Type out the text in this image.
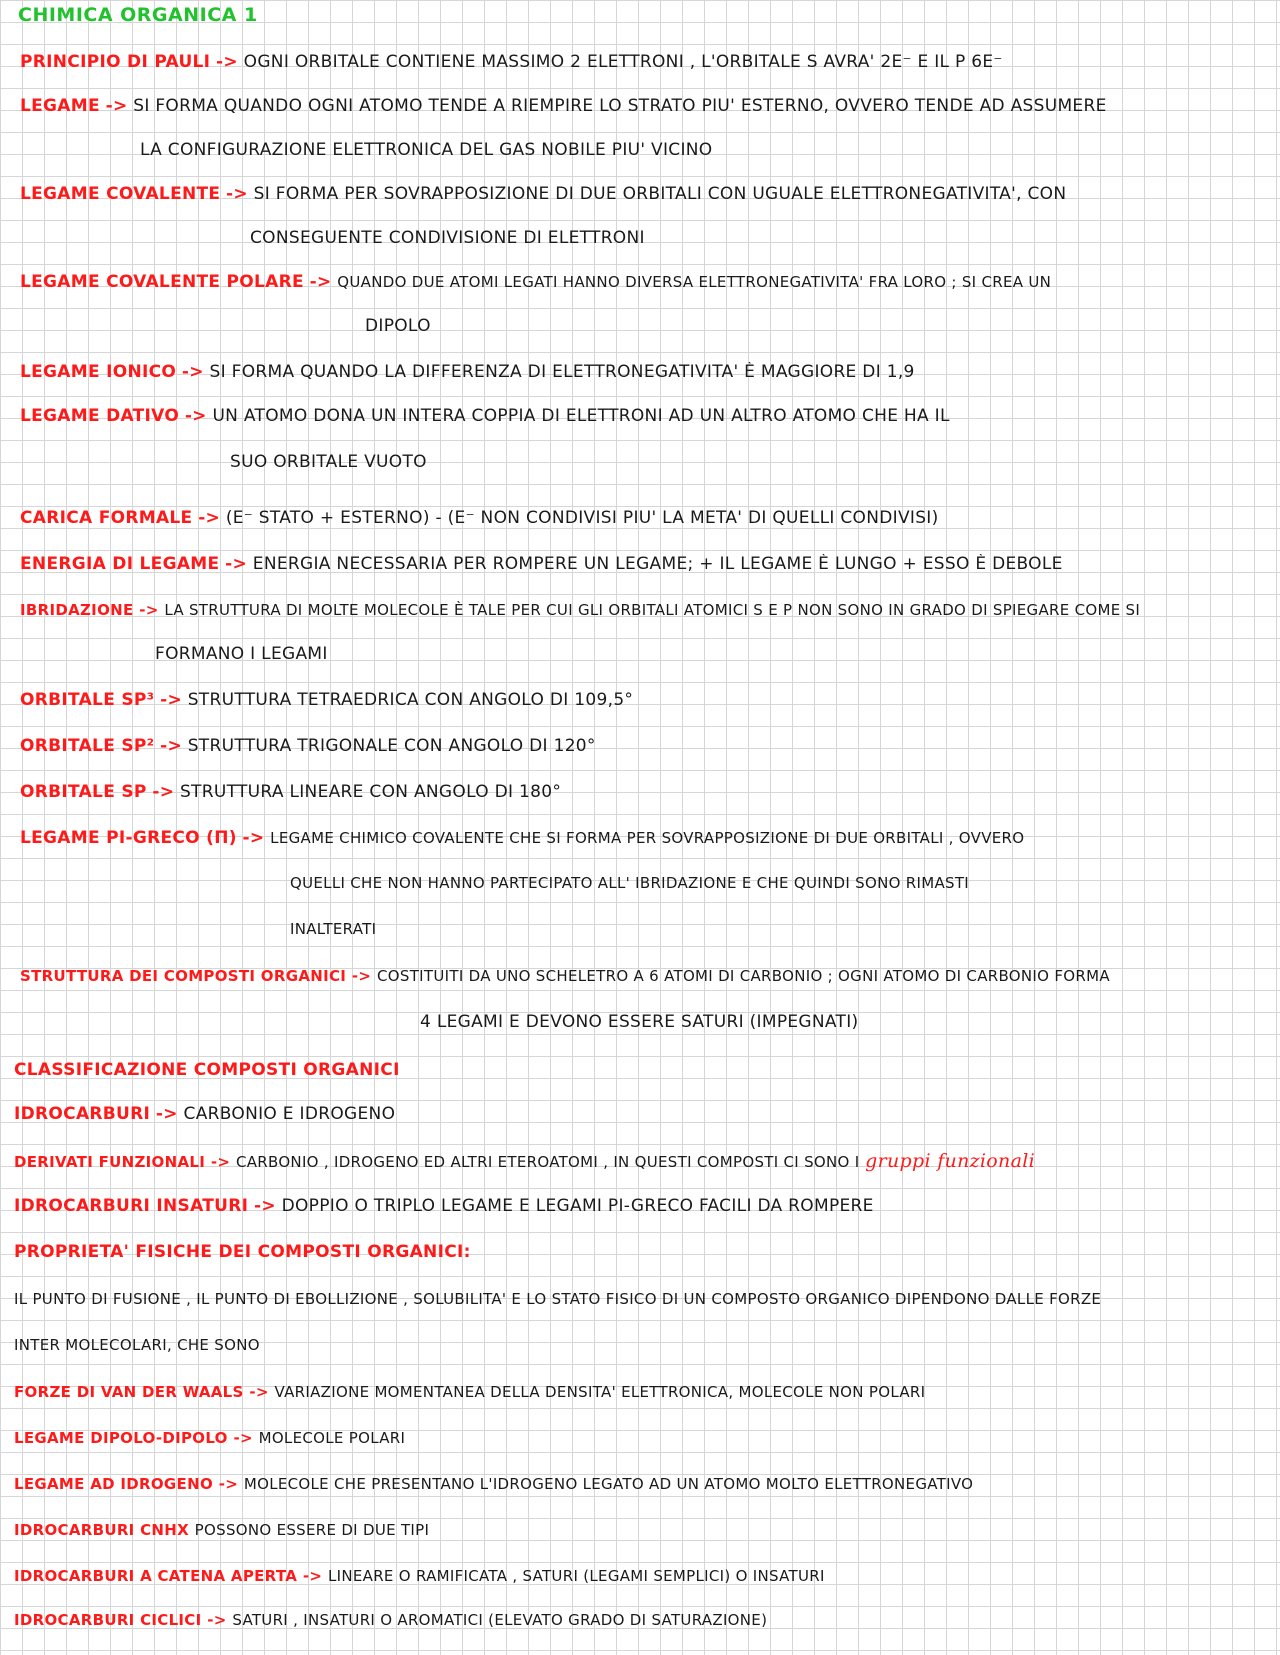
CHIMICA ORGANICA 1
PRINCIPIO DI PAULI -> OGNI ORBITALE CONTIENE MASSIMO 2 ELETTRONI , L'ORBITALE S AVRA' 2E⁻ E IL P 6E⁻
LEGAME -> SI FORMA QUANDO OGNI ATOMO TENDE A RIEMPIRE LO STRATO PIU' ESTERNO, OVVERO TENDE AD ASSUMERE
LA CONFIGURAZIONE ELETTRONICA DEL GAS NOBILE PIU' VICINO
LEGAME COVALENTE -> SI FORMA PER SOVRAPPOSIZIONE DI DUE ORBITALI CON UGUALE ELETTRONEGATIVITA', CON
CONSEGUENTE CONDIVISIONE DI ELETTRONI
LEGAME COVALENTE POLARE -> QUANDO DUE ATOMI LEGATI HANNO DIVERSA ELETTRONEGATIVITA' FRA LORO ; SI CREA UN
DIPOLO
LEGAME IONICO -> SI FORMA QUANDO LA DIFFERENZA DI ELETTRONEGATIVITA' È MAGGIORE DI 1,9
LEGAME DATIVO -> UN ATOMO DONA UN INTERA COPPIA DI ELETTRONI AD UN ALTRO ATOMO CHE HA IL
SUO ORBITALE VUOTO
CARICA FORMALE -> (E⁻ STATO + ESTERNO) - (E⁻ NON CONDIVISI PIU' LA META' DI QUELLI CONDIVISI)
ENERGIA DI LEGAME -> ENERGIA NECESSARIA PER ROMPERE UN LEGAME; + IL LEGAME È LUNGO + ESSO È DEBOLE
IBRIDAZIONE -> LA STRUTTURA DI MOLTE MOLECOLE È TALE PER CUI GLI ORBITALI ATOMICI S E P NON SONO IN GRADO DI SPIEGARE COME SI
FORMANO I LEGAMI
ORBITALE SP³ -> STRUTTURA TETRAEDRICA CON ANGOLO DI 109,5°
ORBITALE SP² -> STRUTTURA TRIGONALE CON ANGOLO DI 120°
ORBITALE SP -> STRUTTURA LINEARE CON ANGOLO DI 180°
LEGAME PI-GRECO (Π) -> LEGAME CHIMICO COVALENTE CHE SI FORMA PER SOVRAPPOSIZIONE DI DUE ORBITALI , OVVERO
QUELLI CHE NON HANNO PARTECIPATO ALL' IBRIDAZIONE E CHE QUINDI SONO RIMASTI
INALTERATI
STRUTTURA DEI COMPOSTI ORGANICI -> COSTITUITI DA UNO SCHELETRO A 6 ATOMI DI CARBONIO ; OGNI ATOMO DI CARBONIO FORMA
4 LEGAMI E DEVONO ESSERE SATURI (IMPEGNATI)
CLASSIFICAZIONE COMPOSTI ORGANICI
IDROCARBURI -> CARBONIO E IDROGENO
DERIVATI FUNZIONALI -> CARBONIO , IDROGENO ED ALTRI ETEROATOMI , IN QUESTI COMPOSTI CI SONO I gruppi funzionali
IDROCARBURI INSATURI -> DOPPIO O TRIPLO LEGAME E LEGAMI PI-GRECO FACILI DA ROMPERE
PROPRIETA' FISICHE DEI COMPOSTI ORGANICI:
IL PUNTO DI FUSIONE , IL PUNTO DI EBOLLIZIONE , SOLUBILITA' E LO STATO FISICO DI UN COMPOSTO ORGANICO DIPENDONO DALLE FORZE
INTER MOLECOLARI, CHE SONO
FORZE DI VAN DER WAALS -> VARIAZIONE MOMENTANEA DELLA DENSITA' ELETTRONICA, MOLECOLE NON POLARI
LEGAME DIPOLO-DIPOLO -> MOLECOLE POLARI
LEGAME AD IDROGENO -> MOLECOLE CHE PRESENTANO L'IDROGENO LEGATO AD UN ATOMO MOLTO ELETTRONEGATIVO
IDROCARBURI CNHX POSSONO ESSERE DI DUE TIPI
IDROCARBURI A CATENA APERTA -> LINEARE O RAMIFICATA , SATURI (LEGAMI SEMPLICI) O INSATURI
IDROCARBURI CICLICI -> SATURI , INSATURI O AROMATICI (ELEVATO GRADO DI SATURAZIONE)
